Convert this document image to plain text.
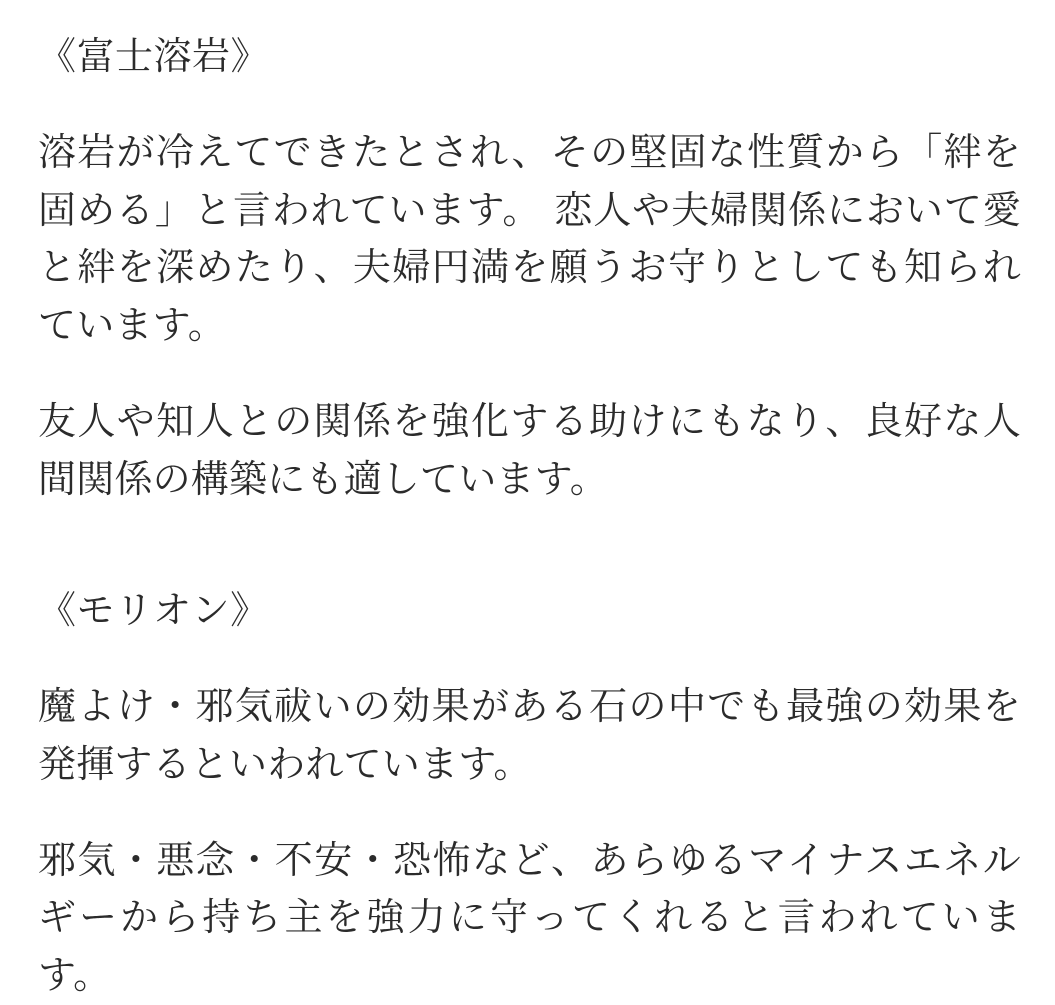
《富士溶岩》

溶岩が冷えてできたとされ、その堅固な性質から「絆を固める」と言われています。 恋人や夫婦関係において愛と絆を深めたり、夫婦円満を願うお守りとしても知られています。

友人や知人との関係を強化する助けにもなり、良好な人間関係の構築にも適しています。

《モリオン》

魔よけ・邪気祓いの効果がある石の中でも最強の効果を発揮するといわれています。

邪気・悪念・不安・恐怖など、あらゆるマイナスエネルギーから持ち主を強力に守ってくれると言われています。
